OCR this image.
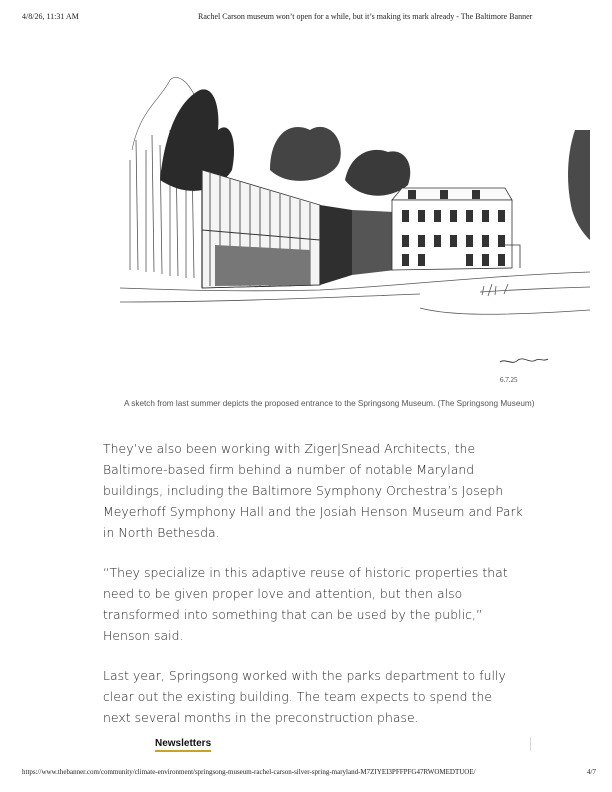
4/8/26, 11:31 AM	Rachel Carson museum won’t open for a while, but it’s making its mark already - The Baltimore Banner
6.7.25
A sketch from last summer depicts the proposed entrance to the Springsong Museum. (The Springsong Museum)

They’ve also been working with Ziger|Snead Architects, the Baltimore-based firm behind a number of notable Maryland buildings, including the Baltimore Symphony Orchestra’s Joseph Meyerhoff Symphony Hall and the Josiah Henson Museum and Park in North Bethesda.

“They specialize in this adaptive reuse of historic properties that need to be given proper love and attention, but then also transformed into something that can be used by the public,” Henson said.

Last year, Springsong worked with the parks department to fully clear out the existing building. The team expects to spend the next several months in the preconstruction phase.

Newsletters
https://www.thebanner.com/community/climate-environment/springsong-museum-rachel-carson-silver-spring-maryland-M7ZIYEI3PFFPFG47RWOMEDTUOE/	4/7
